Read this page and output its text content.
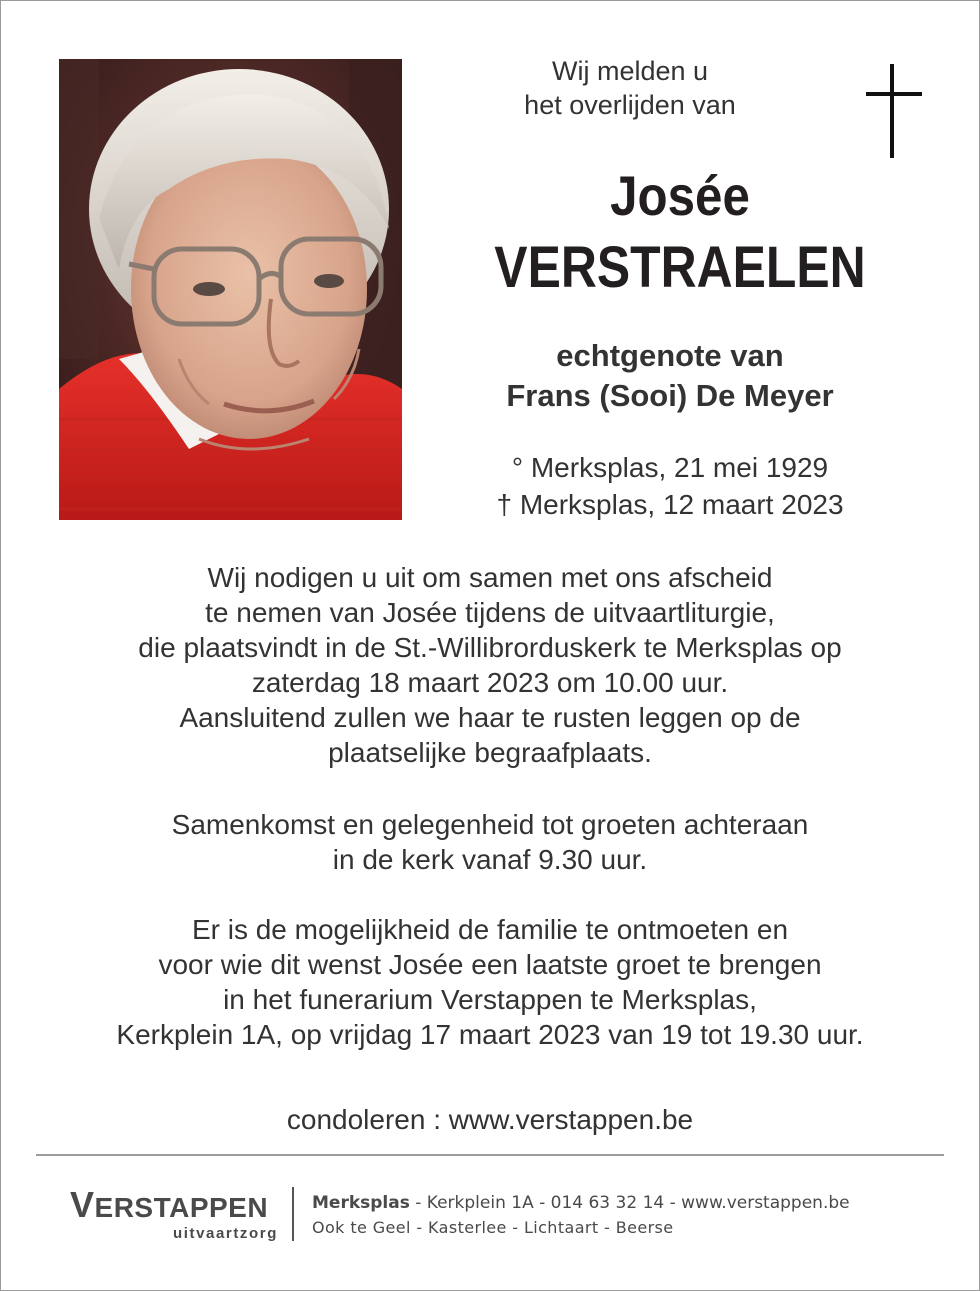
Wij melden u
het overlijden van
Josée
VERSTRAELEN
echtgenote van
Frans (Sooi) De Meyer
° Merksplas, 21 mei 1929
† Merksplas, 12 maart 2023
Wij nodigen u uit om samen met ons afscheid
te nemen van Josée tijdens de uitvaartliturgie,
die plaatsvindt in de St.-Willibrorduskerk te Merksplas op
zaterdag 18 maart 2023 om 10.00 uur.
Aansluitend zullen we haar te rusten leggen op de
plaatselijke begraafplaats.
Samenkomst en gelegenheid tot groeten achteraan
in de kerk vanaf 9.30 uur.
Er is de mogelijkheid de familie te ontmoeten en
voor wie dit wenst Josée een laatste groet te brengen
in het funerarium Verstappen te Merksplas,
Kerkplein 1A, op vrijdag 17 maart 2023 van 19 tot 19.30 uur.
condoleren : www.verstappen.be
VERSTAPPEN
uitvaartzorg
Merksplas - Kerkplein 1A - 014 63 32 14 - www.verstappen.be
Ook te Geel - Kasterlee - Lichtaart - Beerse
